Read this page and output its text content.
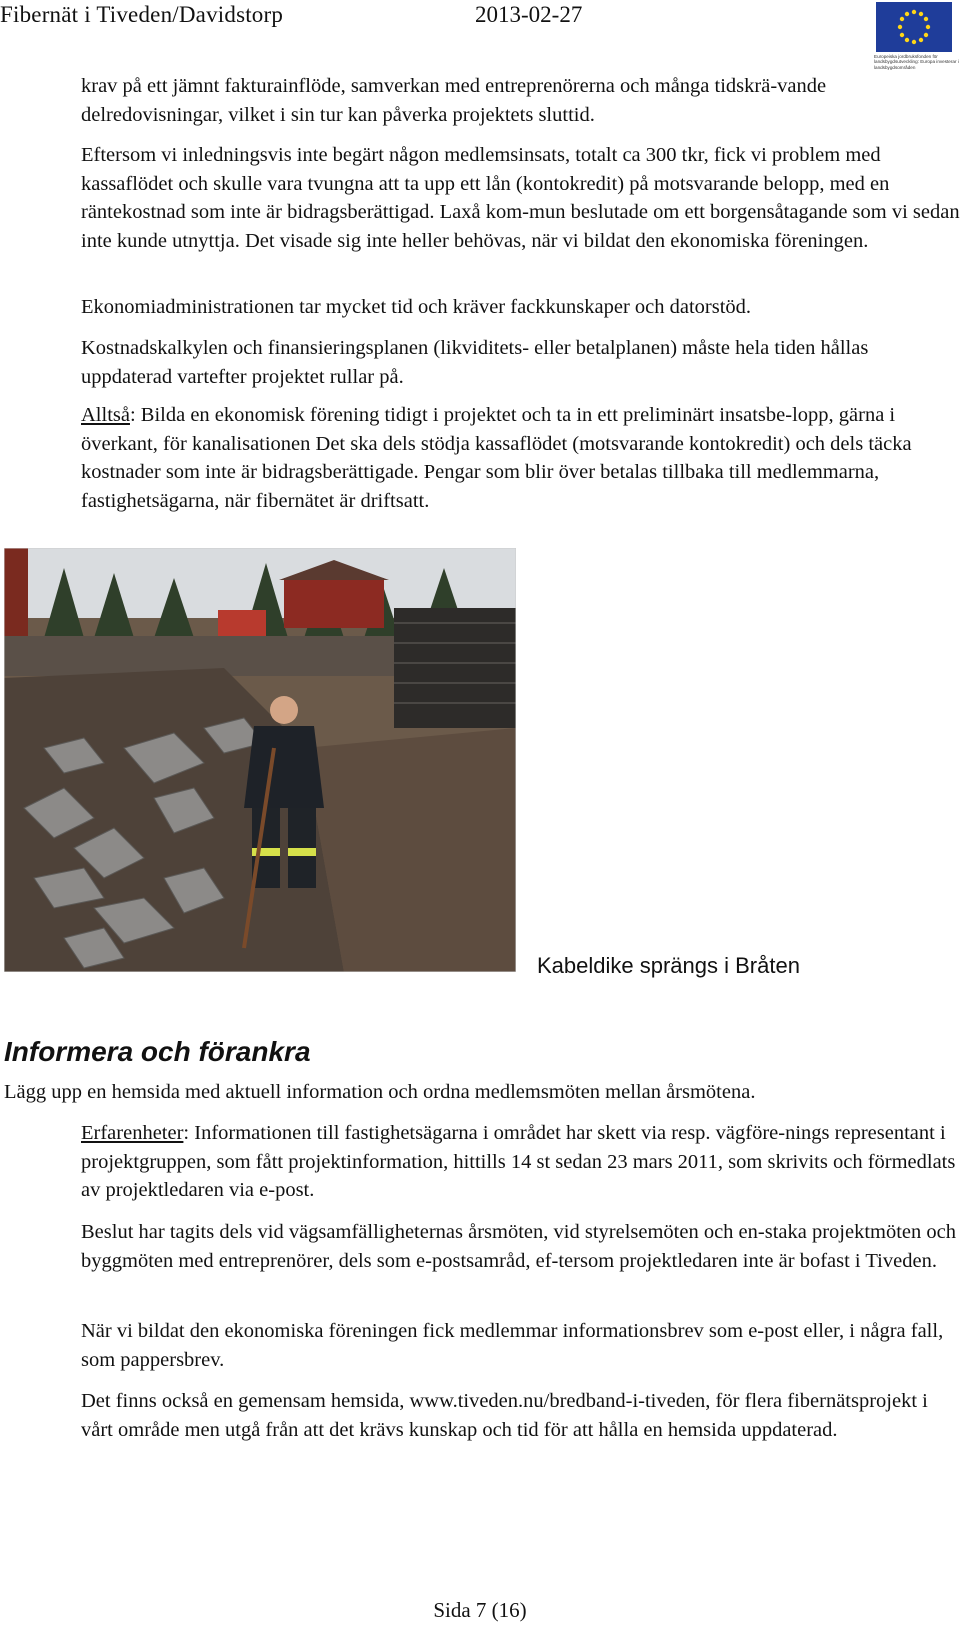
Fibernät i Tiveden/Davidstorp	2013-02-27
Europeiska jordbruksfonden för landsbygdsutveckling: Europa investerar i landsbygdsområden

krav på ett jämnt fakturainflöde, samverkan med entreprenörerna och många tidskrä-vande delredovisningar, vilket i sin tur kan påverka projektets sluttid.

Eftersom vi inledningsvis inte begärt någon medlemsinsats, totalt ca 300 tkr, fick vi problem med kassaflödet och skulle vara tvungna att ta upp ett lån (kontokredit) på motsvarande belopp, med en räntekostnad som inte är bidragsberättigad. Laxå kom-mun beslutade om ett borgensåtagande som vi sedan inte kunde utnyttja. Det visade sig inte heller behövas, när vi bildat den ekonomiska föreningen.

Ekonomiadministrationen tar mycket tid och kräver fackkunskaper och datorstöd.

Kostnadskalkylen och finansieringsplanen (likviditets- eller betalplanen) måste hela tiden hållas uppdaterad vartefter projektet rullar på.

Alltså: Bilda en ekonomisk förening tidigt i projektet och ta in ett preliminärt insatsbe-lopp, gärna i överkant, för kanalisationen Det ska dels stödja kassaflödet (motsvarande kontokredit) och dels täcka kostnader som inte är bidragsberättigade. Pengar som blir över betalas tillbaka till medlemmarna, fastighetsägarna, när fibernätet är driftsatt.

Kabeldike sprängs i Bråten
Informera och förankra

Lägg upp en hemsida med aktuell information och ordna medlemsmöten mellan årsmötena.

Erfarenheter: Informationen till fastighetsägarna i området har skett via resp. vägföre-nings representant i projektgruppen, som fått projektinformation, hittills 14 st sedan 23 mars 2011, som skrivits och förmedlats av projektledaren via e-post.

Beslut har tagits dels vid vägsamfälligheternas årsmöten, vid styrelsemöten och en-staka projektmöten och byggmöten med entreprenörer, dels som e-postsamråd, ef-tersom projektledaren inte är bofast i Tiveden.

När vi bildat den ekonomiska föreningen fick medlemmar informationsbrev som e-post eller, i några fall, som pappersbrev.

Det finns också en gemensam hemsida, www.tiveden.nu/bredband-i-tiveden, för flera fibernätsprojekt i vårt område men utgå från att det krävs kunskap och tid för att hålla en hemsida uppdaterad.

Sida 7 (16)
